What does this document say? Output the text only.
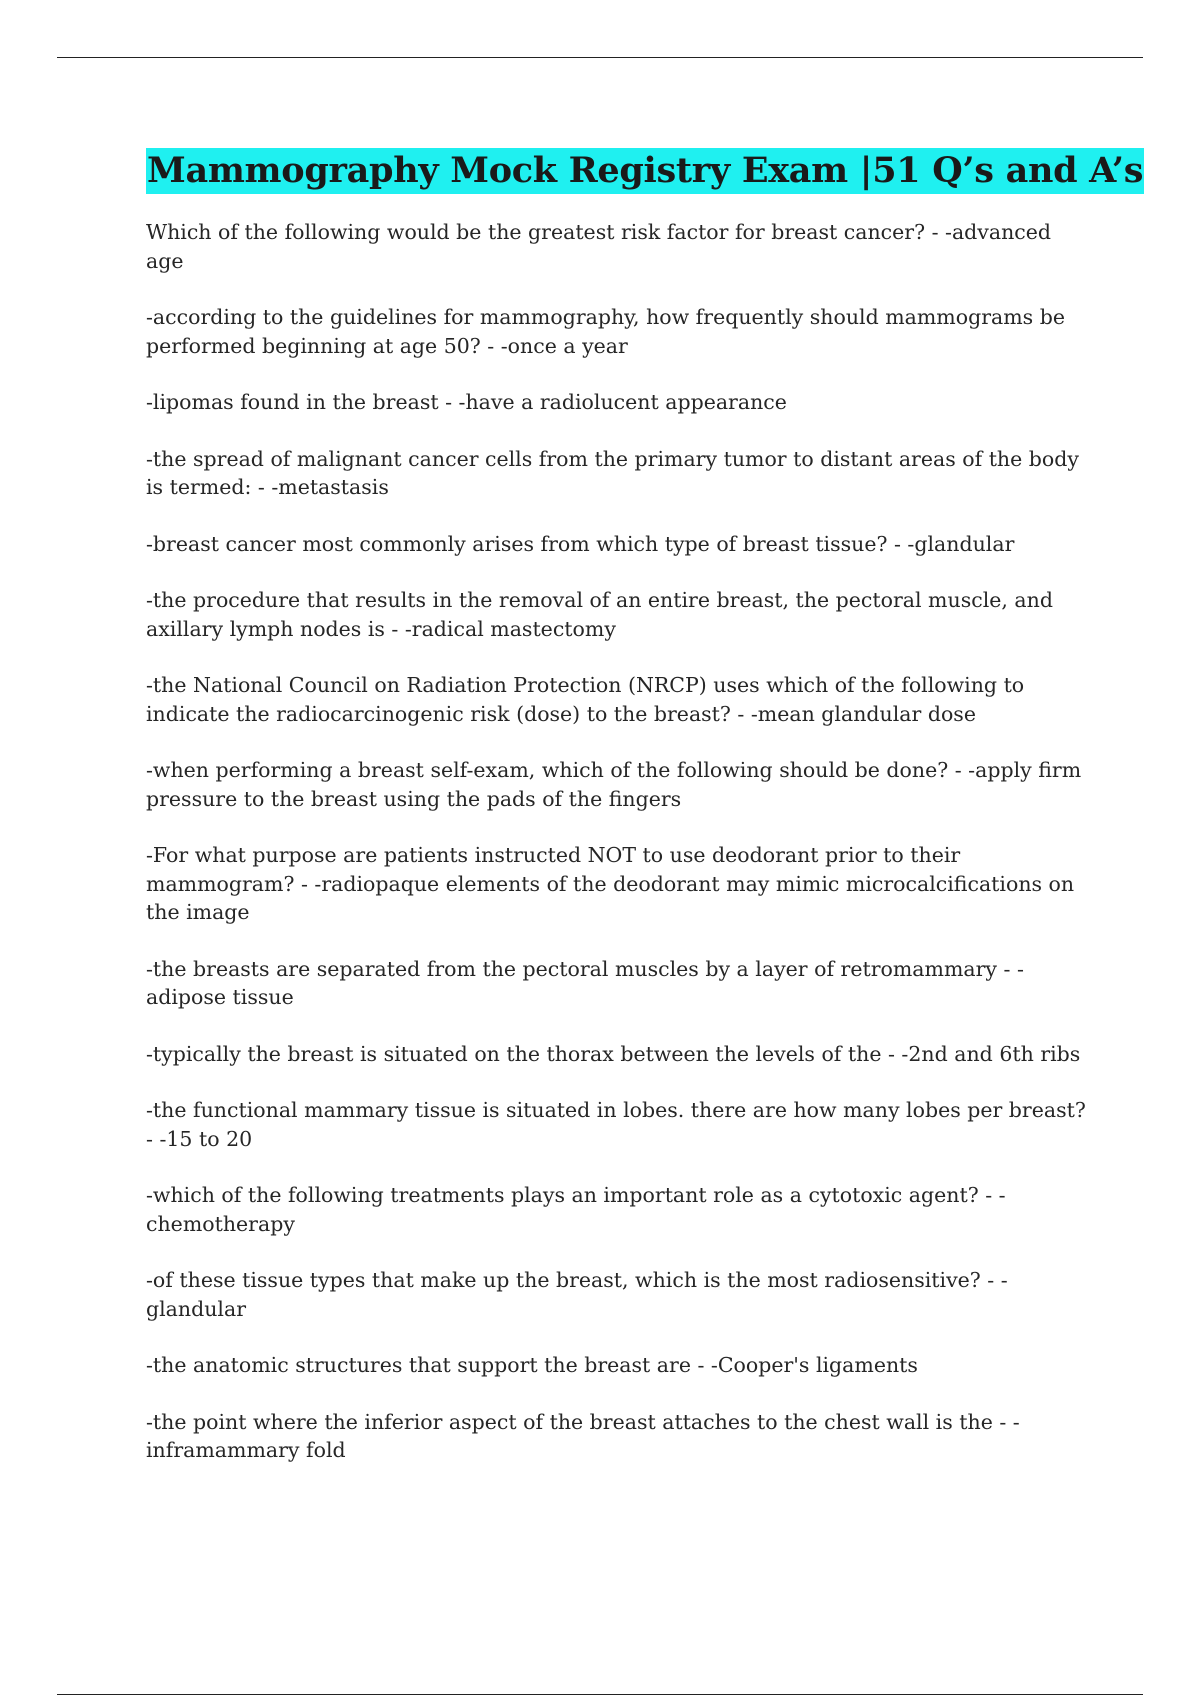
Mammography Mock Registry Exam |51 Q’s and A’s

Which of the following would be the greatest risk factor for breast cancer? - -advanced age

-according to the guidelines for mammography, how frequently should mammograms be performed beginning at age 50? - -once a year

-lipomas found in the breast - -have a radiolucent appearance

-the spread of malignant cancer cells from the primary tumor to distant areas of the body is termed: - -metastasis

-breast cancer most commonly arises from which type of breast tissue? - -glandular

-the procedure that results in the removal of an entire breast, the pectoral muscle, and axillary lymph nodes is - -radical mastectomy

-the National Council on Radiation Protection (NRCP) uses which of the following to indicate the radiocarcinogenic risk (dose) to the breast? - -mean glandular dose

-when performing a breast self-exam, which of the following should be done? - -apply firm pressure to the breast using the pads of the fingers

-For what purpose are patients instructed NOT to use deodorant prior to their mammogram? - -radiopaque elements of the deodorant may mimic microcalcifications on the image

-the breasts are separated from the pectoral muscles by a layer of retromammary - -adipose tissue

-typically the breast is situated on the thorax between the levels of the - -2nd and 6th ribs

-the functional mammary tissue is situated in lobes. there are how many lobes per breast? - -15 to 20

-which of the following treatments plays an important role as a cytotoxic agent? - -chemotherapy

-of these tissue types that make up the breast, which is the most radiosensitive? - -glandular

-the anatomic structures that support the breast are - -Cooper's ligaments

-the point where the inferior aspect of the breast attaches to the chest wall is the - -inframammary fold
